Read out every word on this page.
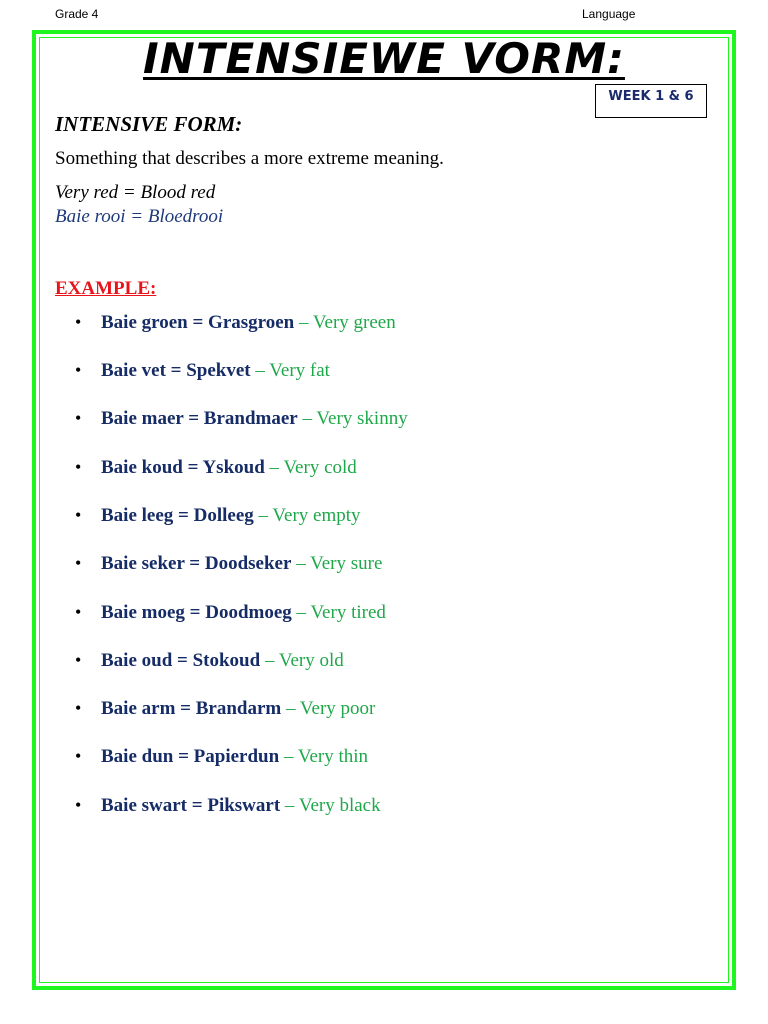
Grade 4	Language
INTENSIEWE VORM:
WEEK 1 & 6
INTENSIVE FORM:
Something that describes a more extreme meaning.
Very red = Blood red
Baie rooi = Bloedrooi
EXAMPLE:
• Baie groen = Grasgroen – Very green
• Baie vet = Spekvet – Very fat
• Baie maer = Brandmaer – Very skinny
• Baie koud = Yskoud – Very cold
• Baie leeg = Dolleeg – Very empty
• Baie seker = Doodseker – Very sure
• Baie moeg = Doodmoeg – Very tired
• Baie oud = Stokoud – Very old
• Baie arm = Brandarm – Very poor
• Baie dun = Papierdun – Very thin
• Baie swart = Pikswart – Very black
